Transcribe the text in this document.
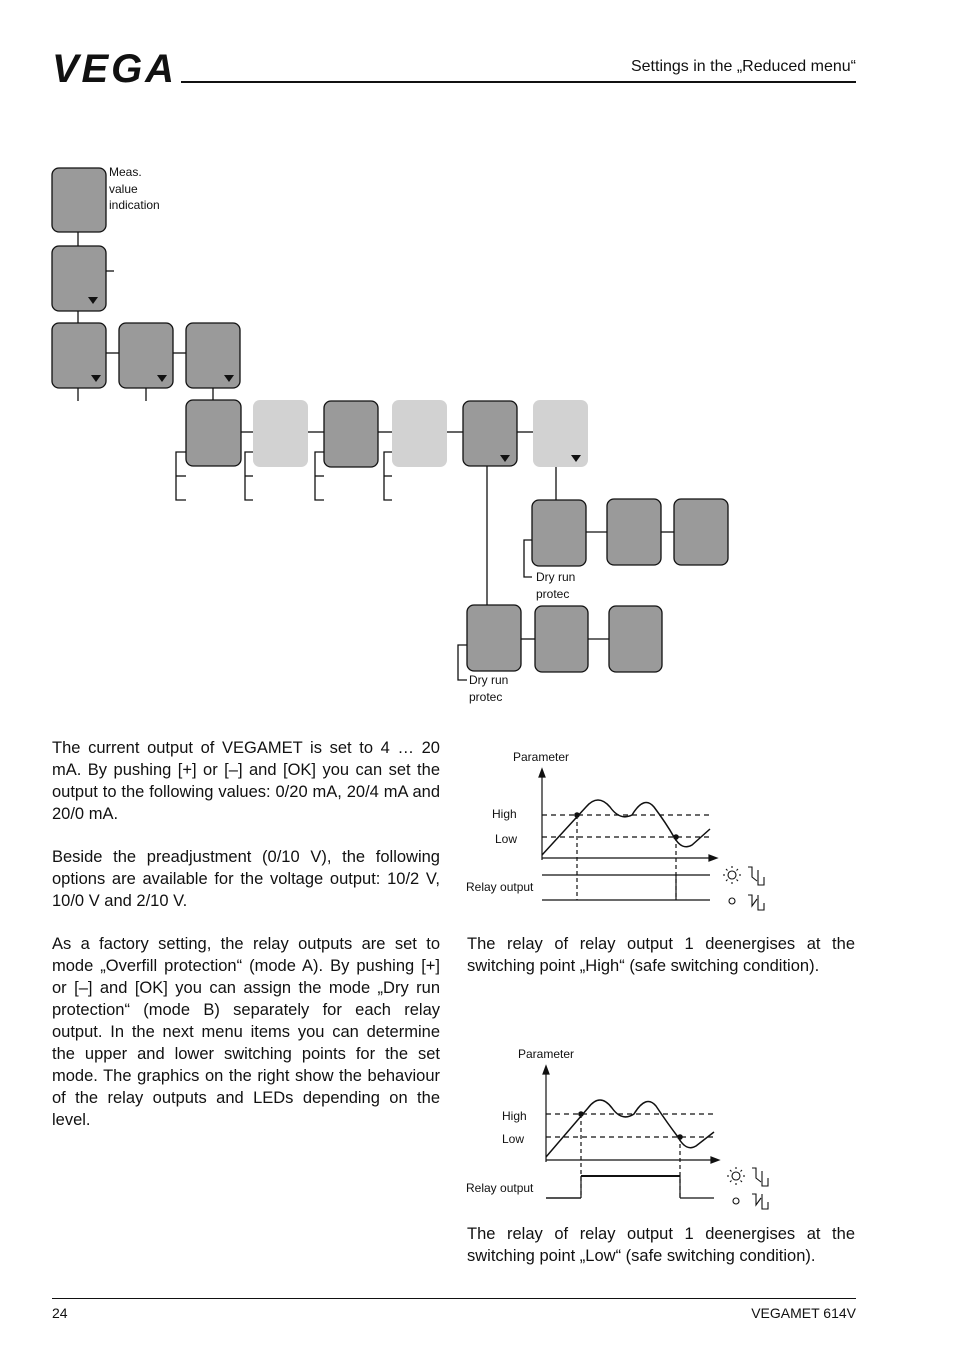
VEGA	Settings in the „Reduced menu“
Meas.
value
indication
Dry run
protec
Dry run
protec
The current output of VEGAMET is set to 4 … 20 mA. By pushing [+] or [–] and [OK] you can set the output to the following values: 0/20 mA, 20/4 mA and 20/0 mA.
Beside the preadjustment (0/10 V), the following options are available for the voltage output: 10/2 V, 10/0 V and 2/10 V.
As a factory setting, the relay outputs are set to mode „Overfill protection“ (mode A). By pushing [+] or [–] and [OK] you can assign the mode „Dry run protection“ (mode B) separately for each relay output. In the next menu items you can determine the upper and lower switching points for the set mode. The graphics on the right show the behaviour of the relay outputs and LEDs depending on the level.
The relay of relay output 1 deenergises at the switching point „High“ (safe switching condition).
The relay of relay output 1 deenergises at the switching point „Low“ (safe switching condition).
Parameter
High
Low
Relay output
Parameter
High
Low
Relay output
24	VEGAMET 614V
